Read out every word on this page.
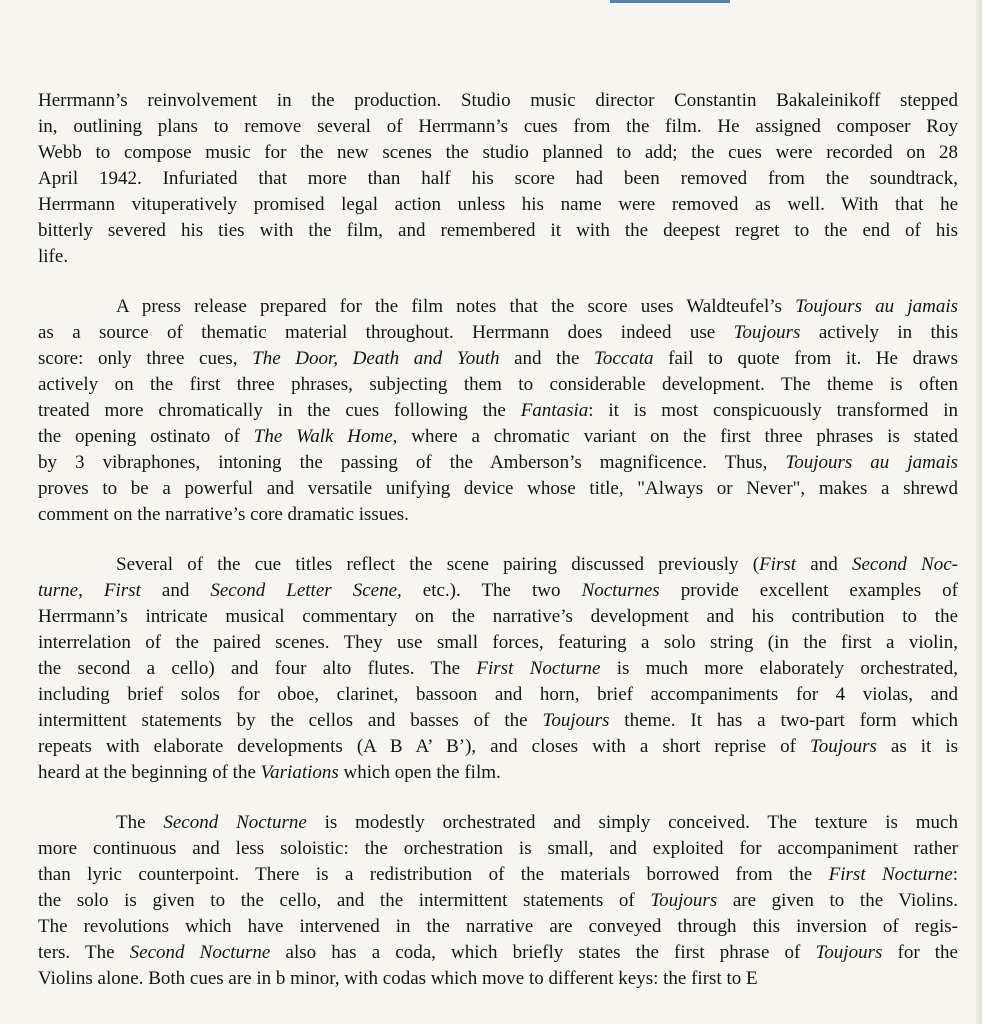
Herrmann’s reinvolvement in the production. Studio music director Constantin Bakaleinikoff stepped
in, outlining plans to remove several of Herrmann’s cues from the film. He assigned composer Roy
Webb to compose music for the new scenes the studio planned to add; the cues were recorded on 28
April 1942. Infuriated that more than half his score had been removed from the soundtrack,
Herrmann vituperatively promised legal action unless his name were removed as well. With that he
bitterly severed his ties with the film, and remembered it with the deepest regret to the end of his
life.
A press release prepared for the film notes that the score uses Waldteufel’s Toujours au jamais
as a source of thematic material throughout. Herrmann does indeed use Toujours actively in this
score: only three cues, The Door, Death and Youth and the Toccata fail to quote from it. He draws
actively on the first three phrases, subjecting them to considerable development. The theme is often
treated more chromatically in the cues following the Fantasia: it is most conspicuously transformed in
the opening ostinato of The Walk Home, where a chromatic variant on the first three phrases is stated
by 3 vibraphones, intoning the passing of the Amberson’s magnificence. Thus, Toujours au jamais
proves to be a powerful and versatile unifying device whose title, "Always or Never", makes a shrewd
comment on the narrative’s core dramatic issues.
Several of the cue titles reflect the scene pairing discussed previously (First and Second Noc-
turne, First and Second Letter Scene, etc.). The two Nocturnes provide excellent examples of
Herrmann’s intricate musical commentary on the narrative’s development and his contribution to the
interrelation of the paired scenes. They use small forces, featuring a solo string (in the first a violin,
the second a cello) and four alto flutes. The First Nocturne is much more elaborately orchestrated,
including brief solos for oboe, clarinet, bassoon and horn, brief accompaniments for 4 violas, and
intermittent statements by the cellos and basses of the Toujours theme. It has a two-part form which
repeats with elaborate developments (A B A’ B’), and closes with a short reprise of Toujours as it is
heard at the beginning of the Variations which open the film.
The Second Nocturne is modestly orchestrated and simply conceived. The texture is much
more continuous and less soloistic: the orchestration is small, and exploited for accompaniment rather
than lyric counterpoint. There is a redistribution of the materials borrowed from the First Nocturne:
the solo is given to the cello, and the intermittent statements of Toujours are given to the Violins.
The revolutions which have intervened in the narrative are conveyed through this inversion of regis-
ters. The Second Nocturne also has a coda, which briefly states the first phrase of Toujours for the
Violins alone. Both cues are in b minor, with codas which move to different keys: the first to E
